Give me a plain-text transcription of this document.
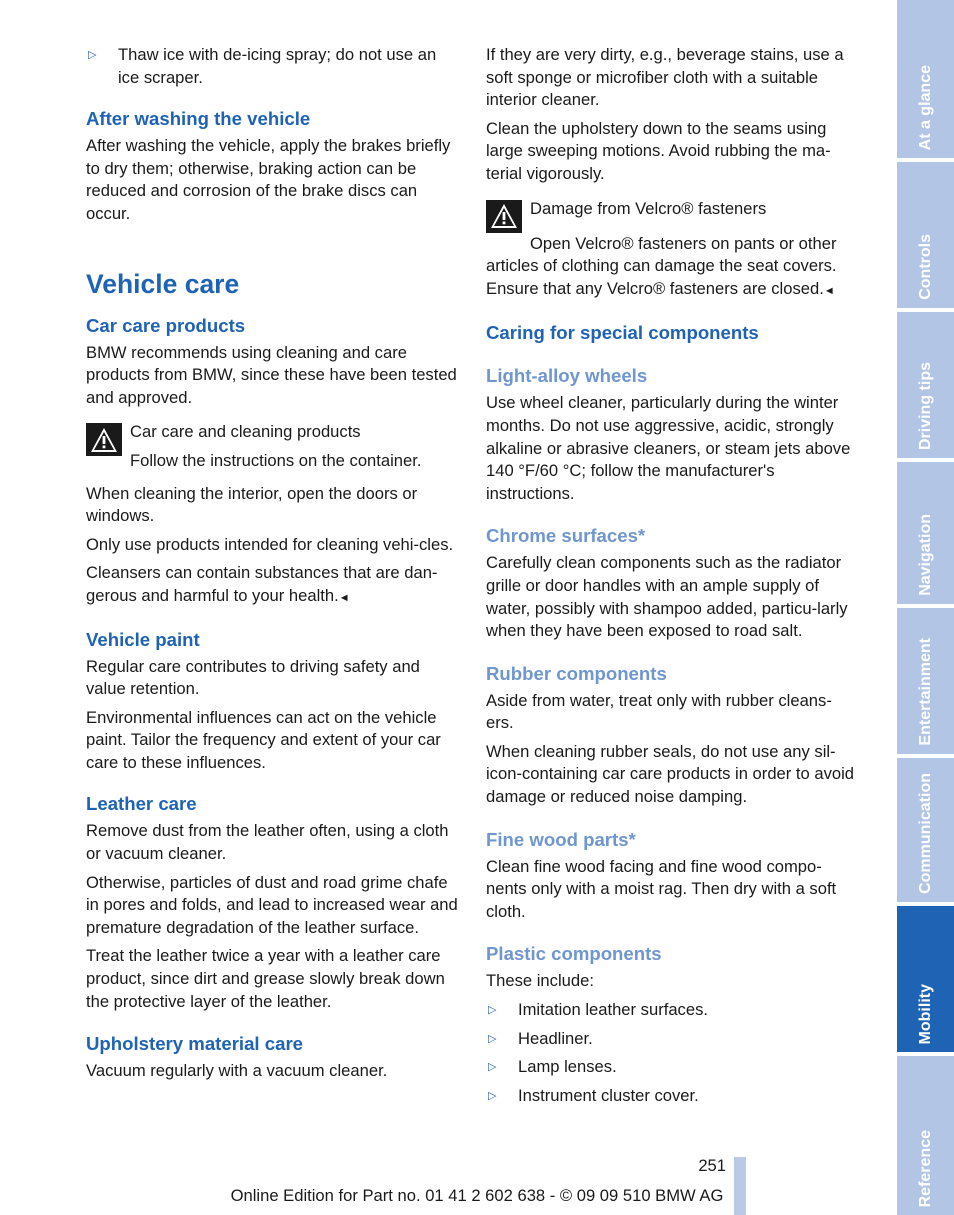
▷	Thaw ice with de-icing spray; do not use an ice scraper.
After washing the vehicle

After washing the vehicle, apply the brakes briefly to dry them; otherwise, braking action can be reduced and corrosion of the brake discs can occur.

Vehicle care
Car care products

BMW recommends using cleaning and care products from BMW, since these have been tested and approved.

Car care and cleaning products

Follow the instructions on the container.

When cleaning the interior, open the doors or windows.

Only use products intended for cleaning vehi‐cles.

Cleansers can contain substances that are dan‐gerous and harmful to your health.◄

Vehicle paint

Regular care contributes to driving safety and value retention.

Environmental influences can act on the vehicle paint. Tailor the frequency and extent of your car care to these influences.

Leather care

Remove dust from the leather often, using a cloth or vacuum cleaner.

Otherwise, particles of dust and road grime chafe in pores and folds, and lead to increased wear and premature degradation of the leather surface.

Treat the leather twice a year with a leather care product, since dirt and grease slowly break down the protective layer of the leather.

Upholstery material care

Vacuum regularly with a vacuum cleaner.

If they are very dirty, e.g., beverage stains, use a soft sponge or microfiber cloth with a suitable interior cleaner.

Clean the upholstery down to the seams using large sweeping motions. Avoid rubbing the ma‐terial vigorously.

Damage from Velcro® fasteners

Open Velcro® fasteners on pants or other articles of clothing can damage the seat covers. Ensure that any Velcro® fasteners are closed.◄

Caring for special components
Light-alloy wheels

Use wheel cleaner, particularly during the winter months. Do not use aggressive, acidic, strongly alkaline or abrasive cleaners, or steam jets above 140 °F/60 °C; follow the manufacturer's instructions.

Chrome surfaces*

Carefully clean components such as the radiator grille or door handles with an ample supply of water, possibly with shampoo added, particu‐larly when they have been exposed to road salt.

Rubber components

Aside from water, treat only with rubber cleans‐ers.

When cleaning rubber seals, do not use any sil‐icon-containing car care products in order to avoid damage or reduced noise damping.

Fine wood parts*

Clean fine wood facing and fine wood compo‐nents only with a moist rag. Then dry with a soft cloth.

Plastic components

These include:

▷	Imitation leather surfaces.
▷	Headliner.
▷	Lamp lenses.
▷	Instrument cluster cover.
At a glance
Controls
Driving tips
Navigation
Entertainment
Communication
Mobility
Reference
251
Online Edition for Part no. 01 41 2 602 638 - © 09 09 510 BMW AG
